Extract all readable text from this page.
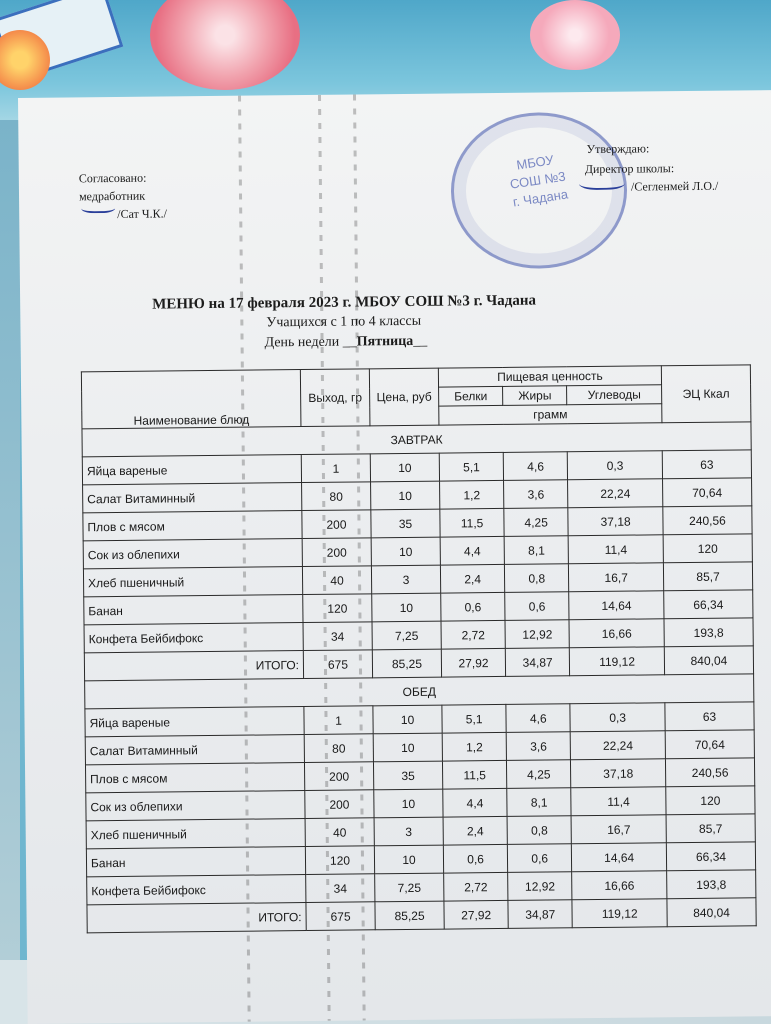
Согласовано:
медработник
/Сат Ч.К./
МБОУ
СОШ №3
г. Чадана
Утверждаю:
Директор школы:
/Сегленмей Л.О./
МЕНЮ на 17 февраля 2023 г. МБОУ СОШ №3 г. Чадана
Учащихся с 1 по 4 классы
День недели __Пятница__
Наименование блюд	Выход, гр	Цена, руб	Пищевая ценность			ЭЦ Ккал
			Белки	Жиры	Углеводы	
			грамм			
ЗАВТРАК						
Яйца вареные	1	10	5,1	4,6	0,3	63
Салат Витаминный	80	10	1,2	3,6	22,24	70,64
Плов с мясом	200	35	11,5	4,25	37,18	240,56
Сок из облепихи	200	10	4,4	8,1	11,4	120
Хлеб пшеничный	40	3	2,4	0,8	16,7	85,7
Банан	120	10	0,6	0,6	14,64	66,34
Конфета Бейбифокс	34	7,25	2,72	12,92	16,66	193,8
ИТОГО:	675	85,25	27,92	34,87	119,12	840,04
ОБЕД						
Яйца вареные	1	10	5,1	4,6	0,3	63
Салат Витаминный	80	10	1,2	3,6	22,24	70,64
Плов с мясом	200	35	11,5	4,25	37,18	240,56
Сок из облепихи	200	10	4,4	8,1	11,4	120
Хлеб пшеничный	40	3	2,4	0,8	16,7	85,7
Банан	120	10	0,6	0,6	14,64	66,34
Конфета Бейбифокс	34	7,25	2,72	12,92	16,66	193,8
ИТОГО:	675	85,25	27,92	34,87	119,12	840,04
